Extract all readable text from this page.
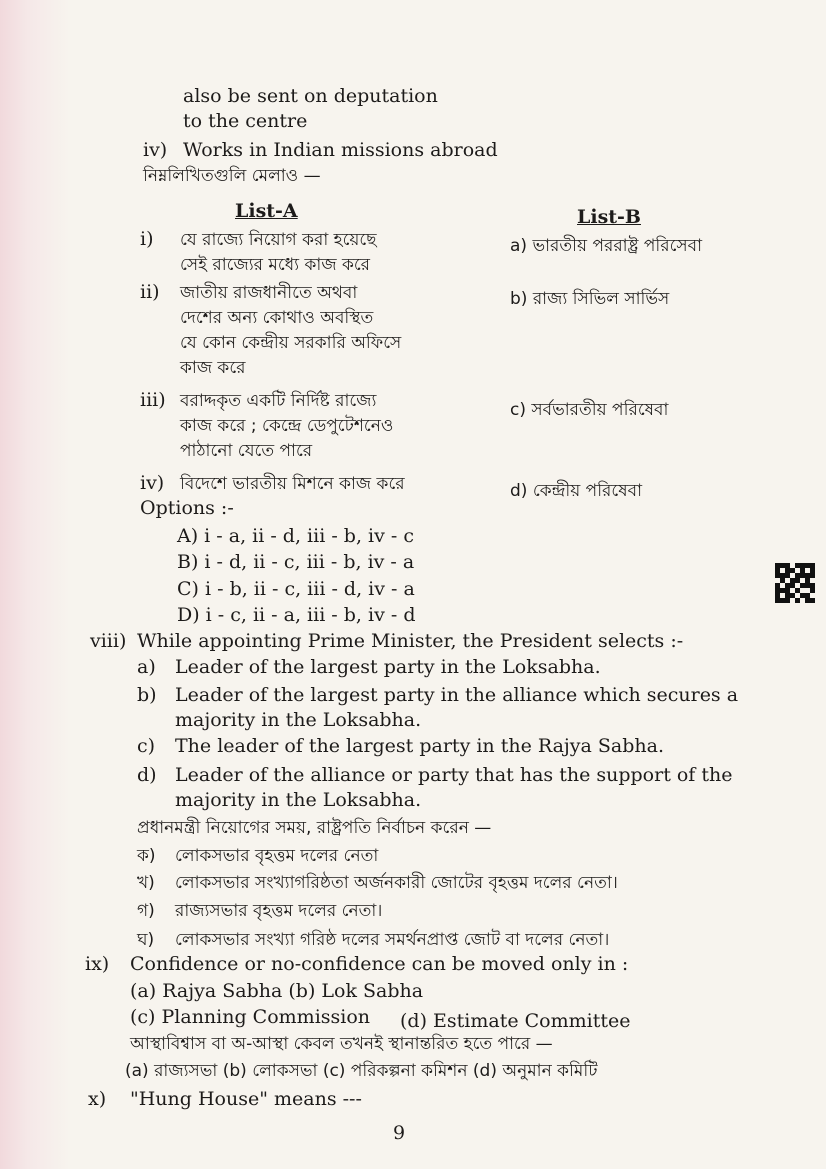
also be sent on deputation
to the centre
iv) Works in Indian missions abroad
নিম্নলিখিতগুলি মেলাও —
List-A	List-B
i) যে রাজ্যে নিয়োগ করা হয়েছে
সেই রাজ্যের মধ্যে কাজ করে
ii) জাতীয় রাজধানীতে অথবা
দেশের অন্য কোথাও অবস্থিত
যে কোন কেন্দ্রীয় সরকারি অফিসে
কাজ করে
iii) বরাদ্দকৃত একটি নির্দিষ্ট রাজ্যে
কাজ করে ; কেন্দ্রে ডেপুটেশনেও
পাঠানো যেতে পারে
iv) বিদেশে ভারতীয় মিশনে কাজ করে
a) ভারতীয় পররাষ্ট্র পরিসেবা
b) রাজ্য সিভিল সার্ভিস
c) সর্বভারতীয় পরিষেবা
d) কেন্দ্রীয় পরিষেবা
Options :-
A) i - a, ii - d, iii - b, iv - c
B) i - d, ii - c, iii - b, iv - a
C) i - b, ii - c, iii - d, iv - a
D) i - c, ii - a, iii - b, iv - d
viii) While appointing Prime Minister, the President selects :-
a) Leader of the largest party in the Loksabha.
b) Leader of the largest party in the alliance which secures a
majority in the Loksabha.
c) The leader of the largest party in the Rajya Sabha.
d) Leader of the alliance or party that has the support of the
majority in the Loksabha.
প্রধানমন্ত্রী নিয়োগের সময়, রাষ্ট্রপতি নির্বাচন করেন —
ক) লোকসভার বৃহত্তম দলের নেতা
খ) লোকসভার সংখ্যাগরিষ্ঠতা অর্জনকারী জোটের বৃহত্তম দলের নেতা।
গ) রাজ্যসভার বৃহত্তম দলের নেতা।
ঘ) লোকসভার সংখ্যা গরিষ্ঠ দলের সমর্থনপ্রাপ্ত জোট বা দলের নেতা।
ix) Confidence or no-confidence can be moved only in :
(a) Rajya Sabha (b) Lok Sabha
(c) Planning Commission (d) Estimate Committee
আস্থাবিশ্বাস বা অ-আস্থা কেবল তখনই স্থানান্তরিত হতে পারে —
(a) রাজ্যসভা (b) লোকসভা (c) পরিকল্পনা কমিশন (d) অনুমান কমিটি
x) "Hung House" means ---
9
